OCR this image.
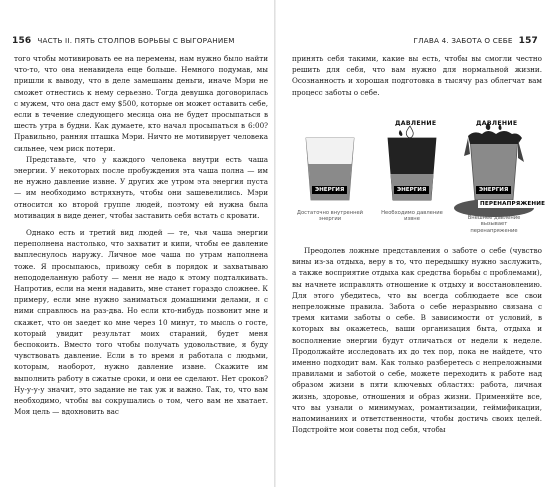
156 ЧАСТЬ II. ПЯТЬ СТОЛПОВ БОРЬБЫ С ВЫГОРАНИЕМ

того чтобы мотивировать ее на перемены, нам нужно было найти что-то, что она ненавидела еще больше. Немного подумав, мы пришли к выводу, что в деле замешаны деньги, иначе Мэри не сможет отнестись к нему серьезно. Тогда девушка договорилась с мужем, что она даст ему $500, которые он может оставить себе, если в течение следующего месяца она не будет просыпаться в шесть утра в будни. Как думаете, кто начал просыпаться в 6:00? Правильно, ранняя пташка Мэри. Ничто не мотивирует человека сильнее, чем риск потери.

Представьте, что у каждого человека внутри есть чаша энергии. У некоторых после пробуждения эта чаша полна — им не нужно давление извне. У других же утром эта энергия пуста — им необходимо встряхнуть, чтобы они зашевелились. Мэри относится ко второй группе людей, поэтому ей нужна была мотивация в виде денег, чтобы заставить себя встать с кровати.

Однако есть и третий вид людей — те, чья чаша энергии переполнена настолько, что захватит и кипи, чтобы ее давление выплеснулось наружу. Личное мое чаша по утрам наполнена тоже. Я просыпаюсь, привожу себя в порядок и захватываю непододеланную работу — меня не надо к этому подталкивать. Напротив, если на меня надавить, мне станет гораздо сложнее. К примеру, если мне нужно заниматься домашними делами, я с ними справлюсь на раз-два. Но если кто-нибудь позвонит мне и скажет, что он заедет ко мне через 10 минут, то мысль о госте, который увидит результат моих стараний, будет меня беспокоить. Вместо того чтобы получать удовольствие, я буду чувствовать давление. Если в то время я работала с людьми, которым, наоборот, нужно давление извне. Скажите им выполнить работу в сжатые сроки, и они ее сделают. Нет сроков? Ну-у-у-у значит, это задание не так уж и важно. Так, то, что вам необходимо, чтобы вы сокрушались о том, чего вам не хватает. Моя цель — вдохновить вас

ГЛАВА 4. ЗАБОТА О СЕБЕ 157

принять себя такими, какие вы есть, чтобы вы смогли честно решить для себя, что вам нужно для нормальной жизни. Осознанность и хорошая подготовка в тысячу раз облегчат вам процесс заботы о себе.

Преодолев ложные представления о заботе о себе (чувство вины из-за отдыха, веру в то, что передышку нужно заслужить, а также восприятие отдыха как средства борьбы с проблемами), вы начнете исправлять отношение к отдыху и восстановлению. Для этого убедитесь, что вы всегда соблюдаете все свои непреложные правила. Забота о себе неразрывно связана с тремя китами заботы о себе. В зависимости от условий, в которых вы окажетесь, ваши организация быта, отдыха и восполнение энергии будут отличаться от недели к неделе. Продолжайте исследовать их до тех пор, пока не найдете, что именно подходит вам. Как только разберетесь с непреложными правилами и заботой о себе, можете переходить к работе над образом жизни в пяти ключевых областях: работа, личная жизнь, здоровье, отношения и образ жизни. Применяйте все, что вы узнали о минимумах, романтизации, геймификации, напоминаниях и ответственности, чтобы достичь своих целей. Подстройте мои советы под себя, чтобы

ДАВЛЕНИЕ	ДАВЛЕНИЕ
ЭНЕРГИЯ	ЭНЕРГИЯ	ЭНЕРГИЯ
ПЕРЕНАПРЯЖЕНИЕ
Достаточно внутренней энергии
Необходимо давление извне	Внешнее давление вызывает перенапряжение
